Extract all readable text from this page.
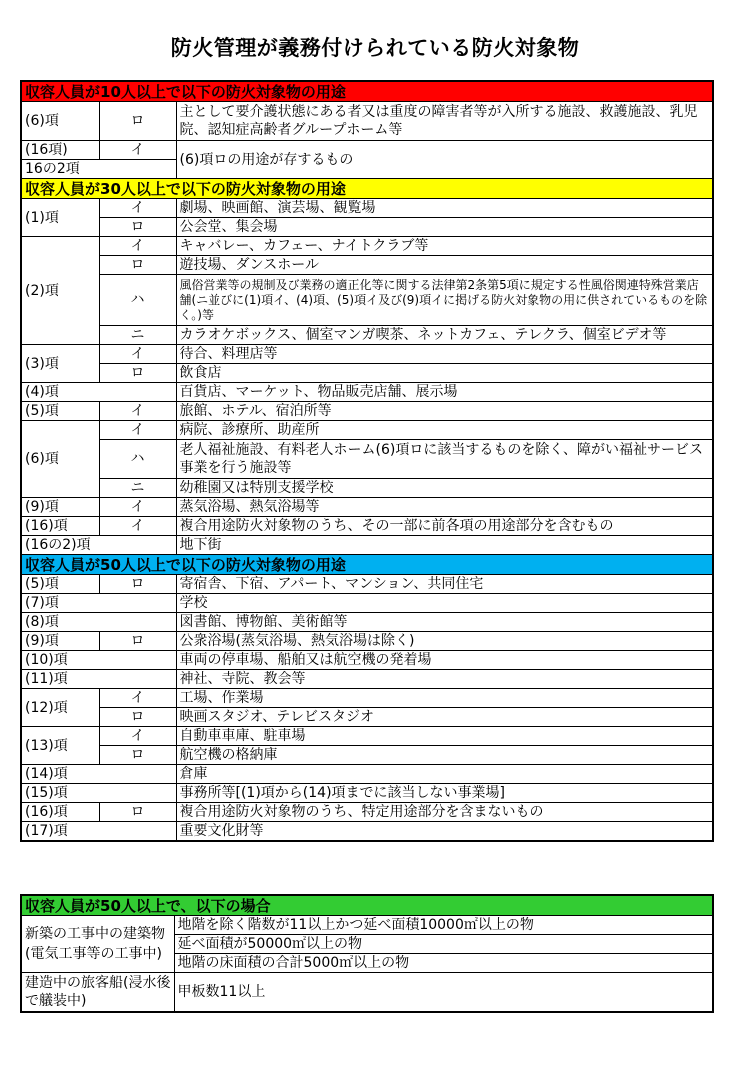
防火管理が義務付けられている防火対象物
収容人員が10人以上で以下の防火対象物の用途		
(6)項	ロ	主として要介護状態にある者又は重度の障害者等が入所する施設、救護施設、乳児院、認知症高齢者グループホーム等
(16項)	イ	(6)項ロの用途が存するもの
16の2項		
収容人員が30人以上で以下の防火対象物の用途		
(1)項	イ	劇場、映画館、演芸場、観覧場
	ロ	公会堂、集会場
(2)項	イ	キャバレー、カフェー、ナイトクラブ等
	ロ	遊技場、ダンスホール
	ハ	風俗営業等の規制及び業務の適正化等に関する法律第2条第5項に規定する性風俗関連特殊営業店舗(ニ並びに(1)項イ、(4)項、(5)項イ及び(9)項イに掲げる防火対象物の用に供されているものを除く。)等
	ニ	カラオケボックス、個室マンガ喫茶、ネットカフェ、テレクラ、個室ビデオ等
(3)項	イ	待合、料理店等
	ロ	飲食店
(4)項		百貨店、マーケット、物品販売店舗、展示場
(5)項	イ	旅館、ホテル、宿泊所等
(6)項	イ	病院、診療所、助産所
	ハ	老人福祉施設、有料老人ホーム(6)項ロに該当するものを除く、障がい福祉サービス事業を行う施設等
	ニ	幼稚園又は特別支援学校
(9)項	イ	蒸気浴場、熱気浴場等
(16)項	イ	複合用途防火対象物のうち、その一部に前各項の用途部分を含むもの
(16の2)項		地下街
収容人員が50人以上で以下の防火対象物の用途		
(5)項	ロ	寄宿舎、下宿、アパート、マンション、共同住宅
(7)項		学校
(8)項		図書館、博物館、美術館等
(9)項	ロ	公衆浴場(蒸気浴場、熱気浴場は除く)
(10)項		車両の停車場、船舶又は航空機の発着場
(11)項		神社、寺院、教会等
(12)項	イ	工場、作業場
	ロ	映画スタジオ、テレビスタジオ
(13)項	イ	自動車車庫、駐車場
	ロ	航空機の格納庫
(14)項		倉庫
(15)項		事務所等[(1)項から(14)項までに該当しない事業場]
(16)項	ロ	複合用途防火対象物のうち、特定用途部分を含まないもの
(17)項		重要文化財等
収容人員が50人以上で、以下の場合	
新築の工事中の建築物(電気工事等の工事中)	地階を除く階数が11以上かつ延べ面積10000㎡以上の物
	延べ面積が50000㎡以上の物
	地階の床面積の合計5000㎡以上の物
建造中の旅客船(浸水後で艤装中)	甲板数11以上
